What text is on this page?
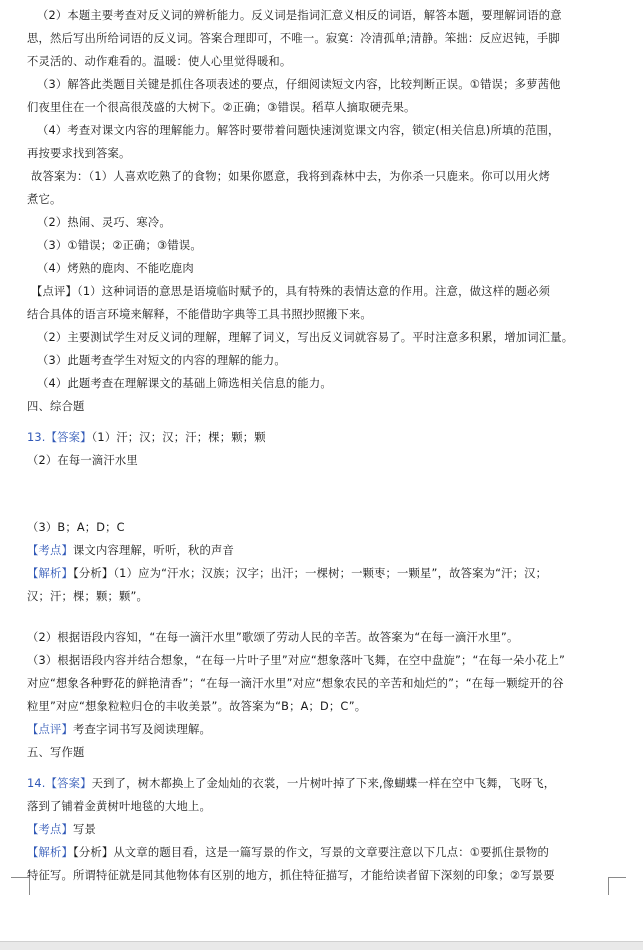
（2）本题主要考查对反义词的辨析能力。反义词是指词汇意义相反的词语，解答本题，要理解词语的意
思，然后写出所给词语的反义词。答案合理即可，不唯一。寂寞：冷清孤单;清静。笨拙：反应迟钝，手脚
不灵活的、动作难看的。温暖：使人心里觉得暖和。
（3）解答此类题目关键是抓住各项表述的要点，仔细阅读短文内容，比较判断正误。①错误；多萝茜他
们夜里住在一个很高很茂盛的大树下。②正确；③错误。稻草人摘取硬壳果。
（4）考查对课文内容的理解能力。解答时要带着问题快速浏览课文内容，锁定(相关信息)所填的范围，
再按要求找到答案。
故答案为：（1）人喜欢吃熟了的食物；如果你愿意，我将到森林中去，为你杀一只鹿来。你可以用火烤
煮它。
（2）热闹、灵巧、寒冷。
（3）①错误；②正确；③错误。
（4）烤熟的鹿肉、不能吃鹿肉
【点评】（1）这种词语的意思是语境临时赋予的，具有特殊的表情达意的作用。注意，做这样的题必须
结合具体的语言环境来解释，不能借助字典等工具书照抄照搬下来。
（2）主要测试学生对反义词的理解，理解了词义，写出反义词就容易了。平时注意多积累，增加词汇量。
（3）此题考查学生对短文的内容的理解的能力。
（4）此题考查在理解课文的基础上筛选相关信息的能力。
四、综合题
13.【答案】（1）汗；汉；汉；汗；棵；颗；颗
（2）在每一滴汗水里
（3）B；A；D；C
【考点】课文内容理解，听听，秋的声音
【解析】【分析】（1）应为“汗水；汉族；汉字；出汗；一棵树；一颗枣；一颗星”，故答案为“汗；汉；
汉；汗；棵；颗；颗”。
（2）根据语段内容知，“在每一滴汗水里”歌颂了劳动人民的辛苦。故答案为“在每一滴汗水里”。
（3）根据语段内容并结合想象，“在每一片叶子里”对应“想象落叶飞舞，在空中盘旋”；“在每一朵小花上”
对应“想象各种野花的鲜艳清香”；“在每一滴汗水里”对应“想象农民的辛苦和灿烂的”；“在每一颗绽开的谷
粒里”对应“想象粒粒归仓的丰收美景”。故答案为“B；A；D；C”。
【点评】考查字词书写及阅读理解。
五、写作题
14.【答案】天到了，树木都换上了金灿灿的衣裳，一片树叶掉了下来,像蝴蝶一样在空中飞舞，飞呀飞，
落到了铺着金黄树叶地毯的大地上。
【考点】写景
【解析】【分析】从文章的题目看，这是一篇写景的作文，写景的文章要注意以下几点：①要抓住景物的
特征写。所谓特征就是同其他物体有区别的地方，抓住特征描写，才能给读者留下深刻的印象；②写景要
